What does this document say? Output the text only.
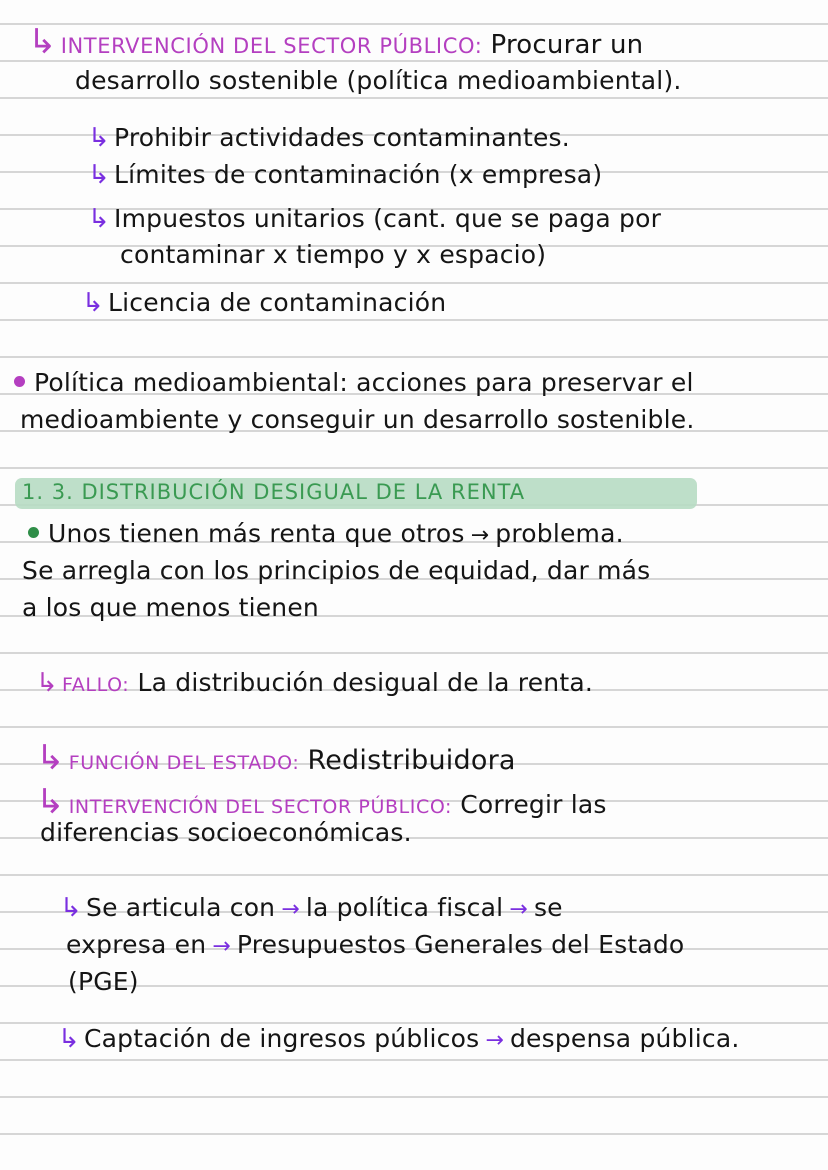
↳ INTERVENCIÓN DEL SECTOR PÚBLICO: Procurar un
desarrollo sostenible (política medioambiental).
↳ Prohibir actividades contaminantes.
↳ Límites de contaminación (x empresa)
↳ Impuestos unitarios (cant. que se paga por
contaminar x tiempo y x espacio)
↳ Licencia de contaminación
Política medioambiental: acciones para preservar el
medioambiente y conseguir un desarrollo sostenible.
1. 3. DISTRIBUCIÓN DESIGUAL DE LA RENTA
Unos tienen más renta que otros → problema.
Se arregla con los principios de equidad, dar más
a los que menos tienen
↳ FALLO: La distribución desigual de la renta.
↳ FUNCIÓN DEL ESTADO: Redistribuidora
↳ INTERVENCIÓN DEL SECTOR PÚBLICO: Corregir las
diferencias socioeconómicas.
↳ Se articula con → la política fiscal → se
expresa en → Presupuestos Generales del Estado
(PGE)
↳ Captación de ingresos públicos → despensa pública.
